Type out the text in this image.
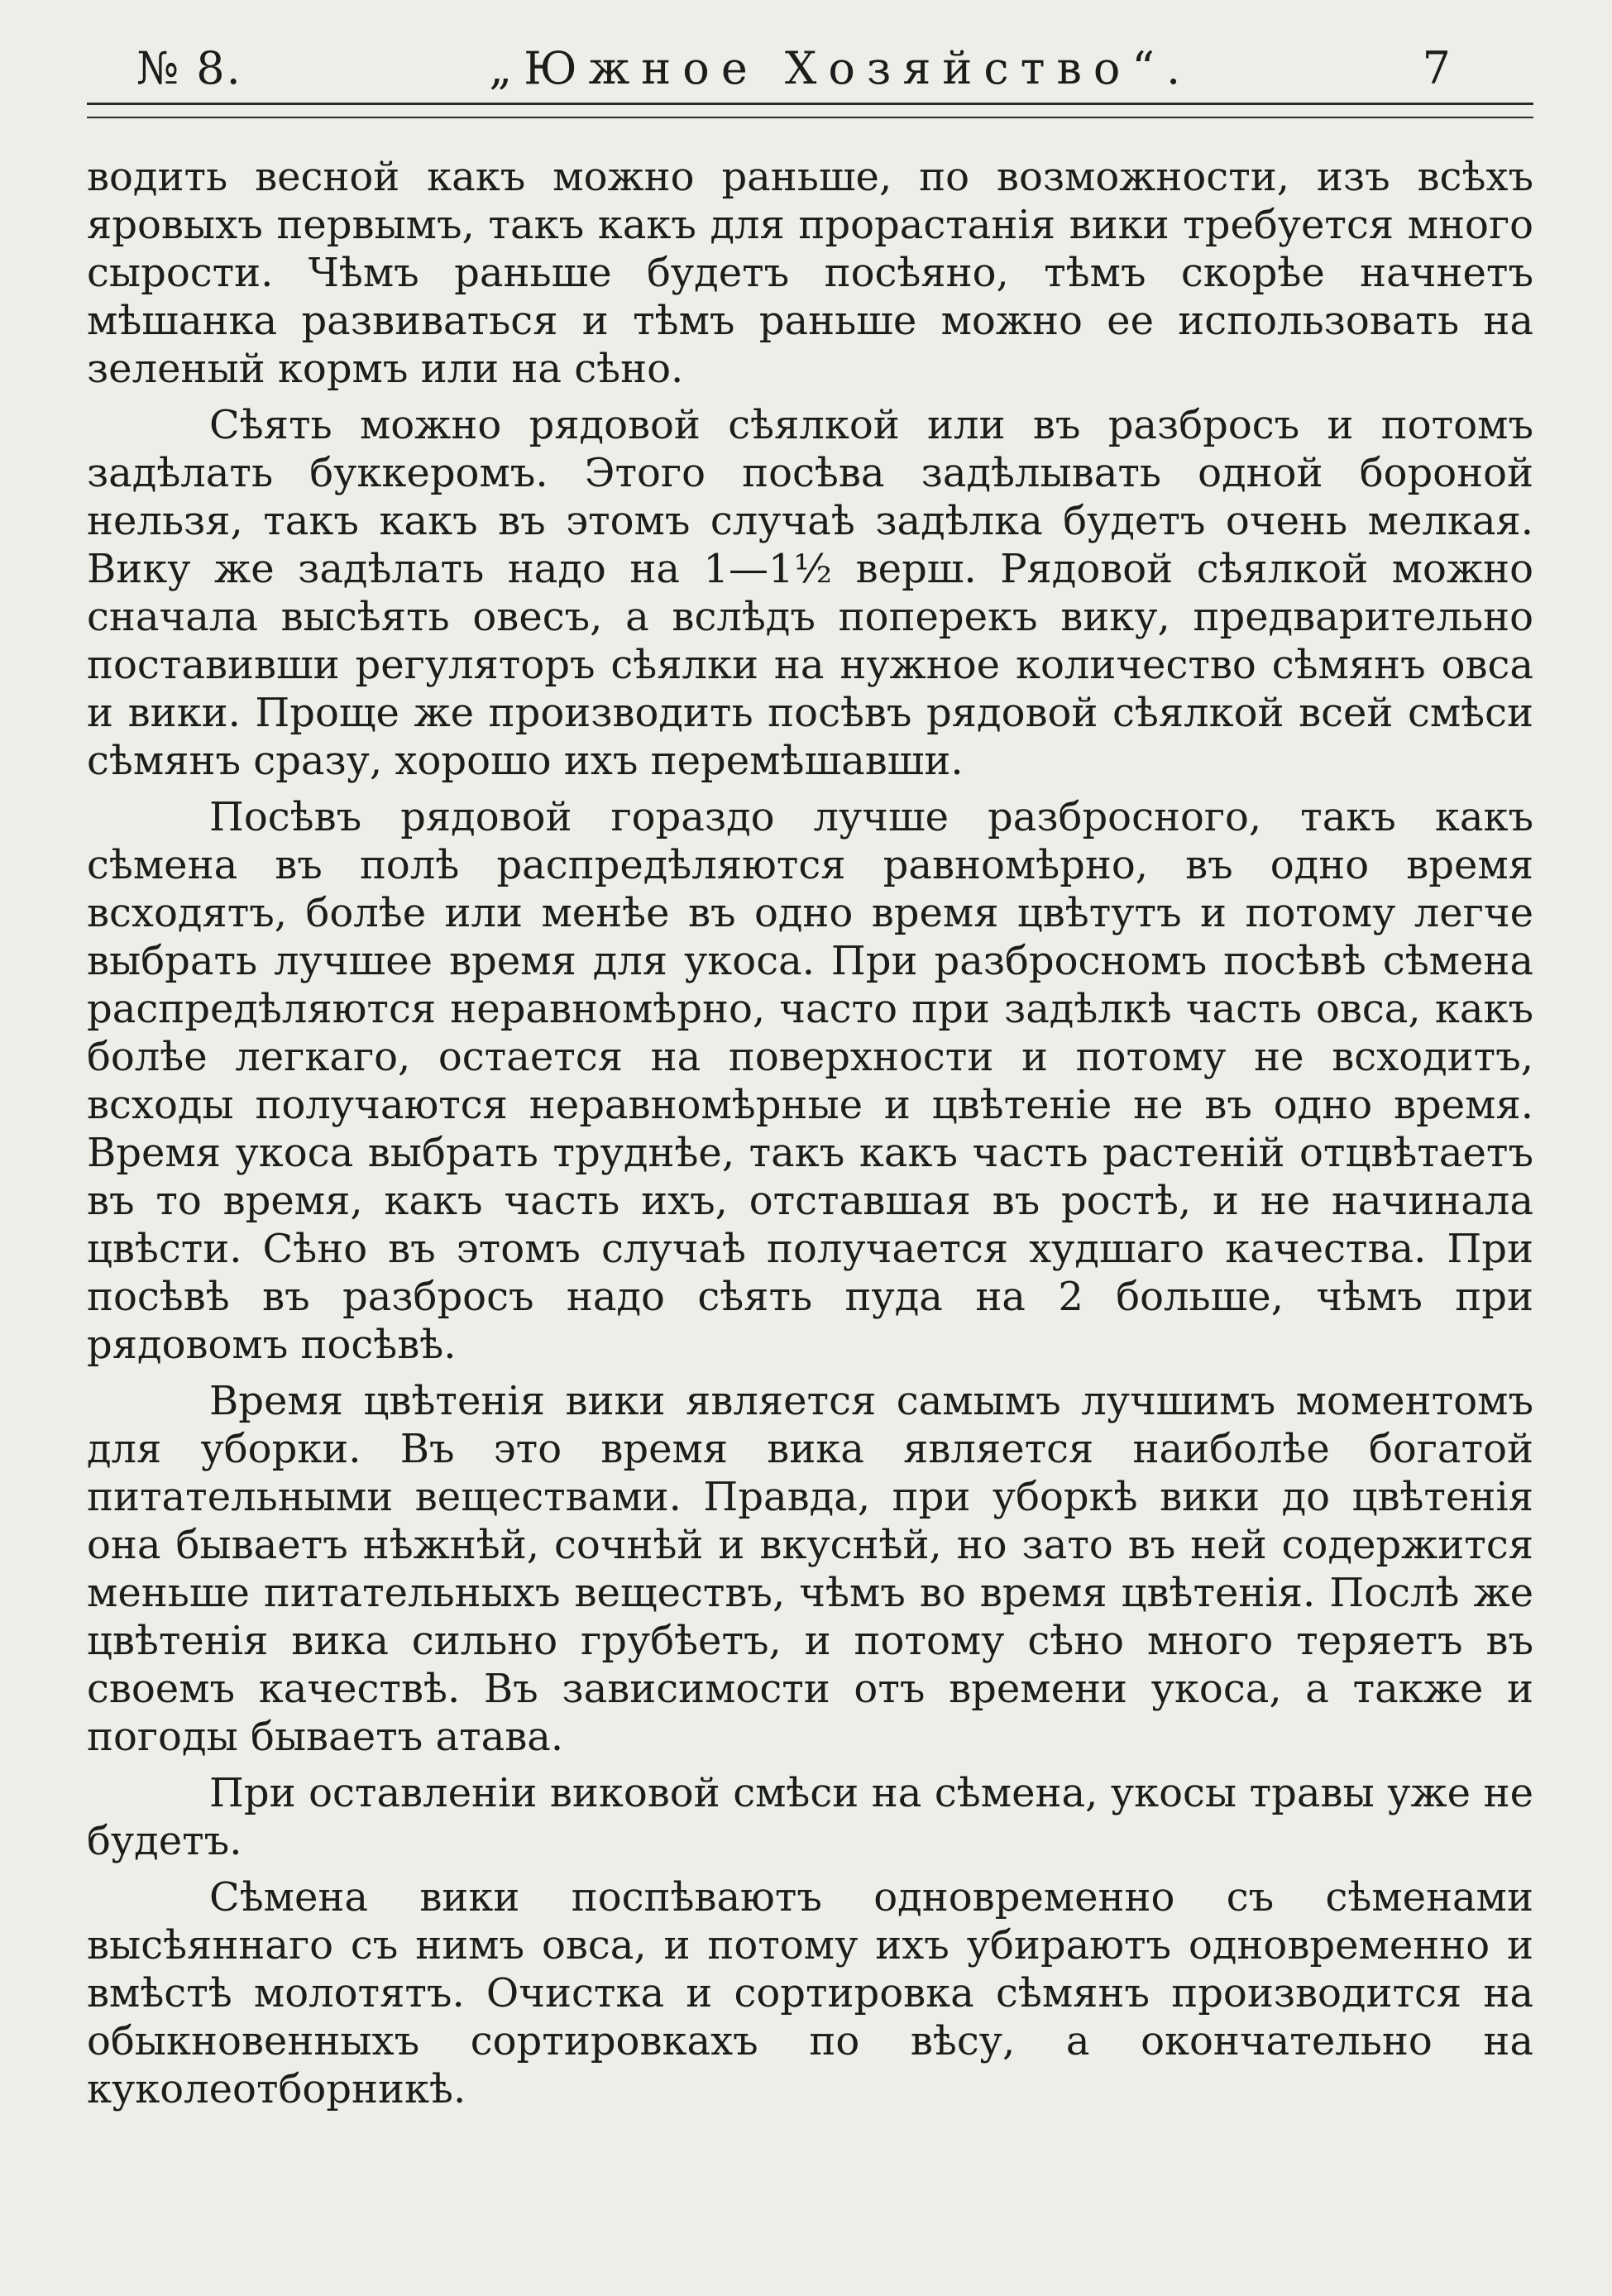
№ 8.	„Южное Хозяйство“.	7

водить весной какъ можно раньше, по возможности, изъ всѣхъ яровыхъ первымъ, такъ какъ для прорастанія вики требуется много сырости. Чѣмъ раньше будетъ посѣяно, тѣмъ скорѣе начнетъ мѣшанка развиваться и тѣмъ раньше можно ее использовать на зеленый кормъ или на сѣно.

Сѣять можно рядовой сѣялкой или въ разбросъ и потомъ задѣлать буккеромъ. Этого посѣва задѣлывать одной бороной нельзя, такъ какъ въ этомъ случаѣ задѣлка будетъ очень мелкая. Вику же задѣлать надо на 1—1½ верш. Рядовой сѣялкой можно сначала высѣять овесъ, а вслѣдъ поперекъ вику, предварительно поставивши регуляторъ сѣялки на нужное количество сѣмянъ овса и вики. Проще же производить посѣвъ рядовой сѣялкой всей смѣси сѣмянъ сразу, хорошо ихъ перемѣшавши.

Посѣвъ рядовой гораздо лучше разбросного, такъ какъ сѣмена въ полѣ распредѣляются равномѣрно, въ одно время всходятъ, болѣе или менѣе въ одно время цвѣтутъ и потому легче выбрать лучшее время для укоса. При разбросномъ посѣвѣ сѣмена распредѣляются неравномѣрно, часто при задѣлкѣ часть овса, какъ болѣе легкаго, остается на поверхности и потому не всходитъ, всходы получаются неравномѣрные и цвѣтеніе не въ одно время. Время укоса выбрать труднѣе, такъ какъ часть растеній отцвѣтаетъ въ то время, какъ часть ихъ, отставшая въ ростѣ, и не начинала цвѣсти. Сѣно въ этомъ случаѣ получается худшаго качества. При посѣвѣ въ разбросъ надо сѣять пуда на 2 больше, чѣмъ при рядовомъ посѣвѣ.

Время цвѣтенія вики является самымъ лучшимъ моментомъ для уборки. Въ это время вика является наиболѣе богатой питательными веществами. Правда, при уборкѣ вики до цвѣтенія она бываетъ нѣжнѣй, сочнѣй и вкуснѣй, но зато въ ней содержится меньше питательныхъ веществъ, чѣмъ во время цвѣтенія. Послѣ же цвѣтенія вика сильно грубѣетъ, и потому сѣно много теряетъ въ своемъ качествѣ. Въ зависимости отъ времени укоса, а также и погоды бываетъ атава.

При оставленіи виковой смѣси на сѣмена, укосы травы уже не будетъ.

Сѣмена вики поспѣваютъ одновременно съ сѣменами высѣяннаго съ нимъ овса, и потому ихъ убираютъ одновременно и вмѣстѣ молотятъ. Очистка и сортировка сѣмянъ производится на обыкновенныхъ сортировкахъ по вѣсу, а окончательно на куколеотборникѣ.
